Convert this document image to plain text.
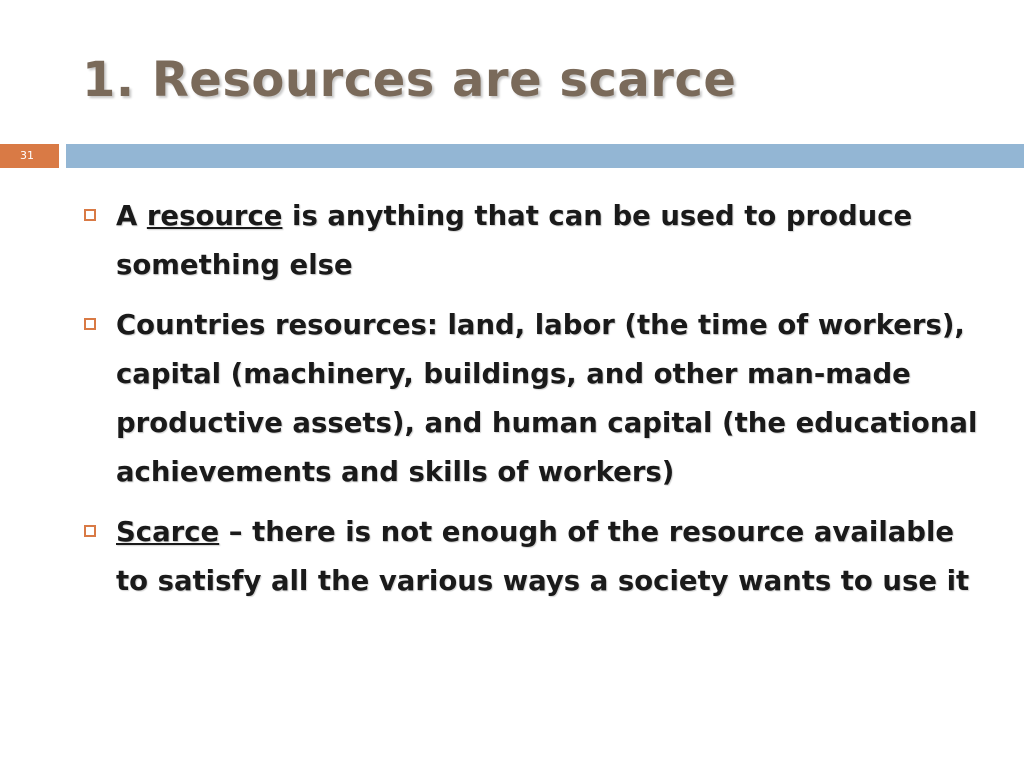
1. Resources are scarce
31
A resource is anything that can be used to produce something else
Countries resources: land, labor (the time of workers), capital (machinery, buildings, and other man-made productive assets), and human capital (the educational achievements and skills of workers)
Scarce – there is not enough of the resource available to satisfy all the various ways a society wants to use it
